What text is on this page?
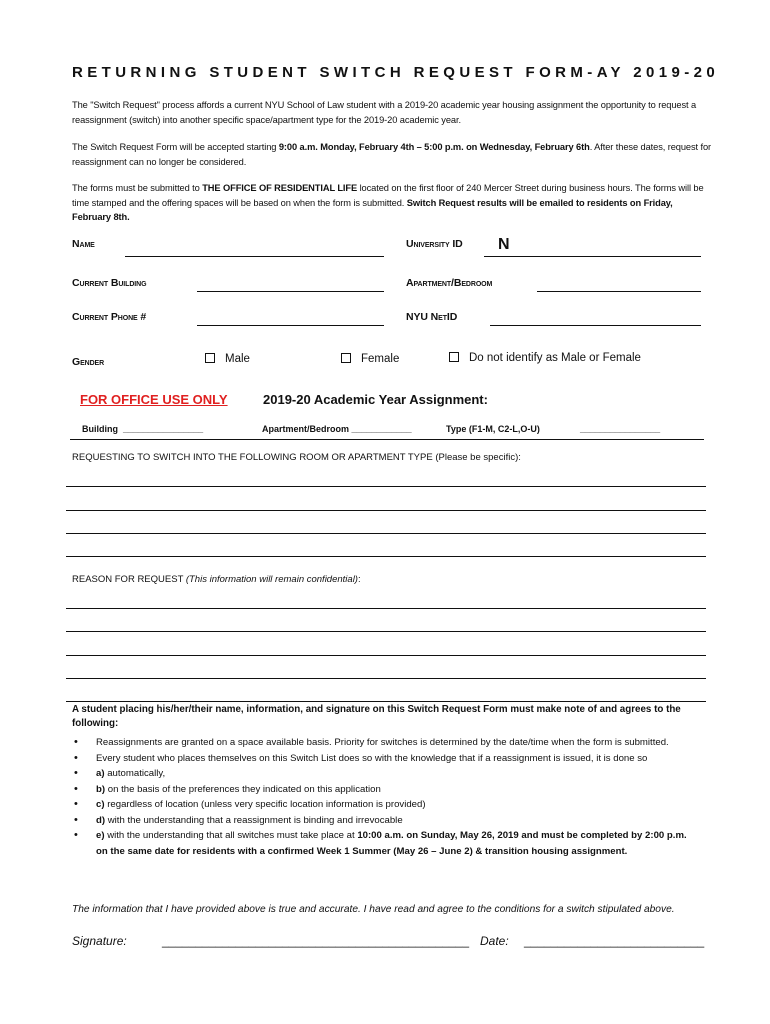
RETURNING STUDENT SWITCH REQUEST FORM-AY 2019-20
The "Switch Request" process affords a current NYU School of Law student with a 2019-20 academic year housing assignment the opportunity to request a reassignment (switch) into another specific space/apartment type for the 2019-20 academic year.
The Switch Request Form will be accepted starting 9:00 a.m. Monday, February 4th – 5:00 p.m. on Wednesday, February 6th. After these dates, request for reassignment can no longer be considered.
The forms must be submitted to THE OFFICE OF RESIDENTIAL LIFE located on the first floor of 240 Mercer Street during business hours. The forms will be time stamped and the offering spaces will be based on when the form is submitted. Switch Request results will be emailed to residents on Friday, February 8th.
Name	University ID N
Current Building	Apartment/Bedroom
Current Phone #	NYU NetID
Gender	Male	Female	Do not identify as Male or Female
FOR OFFICE USE ONLY	2019-20 Academic Year Assignment:
Building ________________	Apartment/Bedroom ____________	Type (F1-M, C2-L,O-U)	________________
REQUESTING TO SWITCH INTO THE FOLLOWING ROOM OR APARTMENT TYPE (Please be specific):
REASON FOR REQUEST (This information will remain confidential):
A student placing his/her/their name, information, and signature on this Switch Request Form must make note of and agrees to the following:
• Reassignments are granted on a space available basis. Priority for switches is determined by the date/time when the form is submitted.
• Every student who places themselves on this Switch List does so with the knowledge that if a reassignment is issued, it is done so
• a) automatically,
• b) on the basis of the preferences they indicated on this application
• c) regardless of location (unless very specific location information is provided)
• d) with the understanding that a reassignment is binding and irrevocable
• e) with the understanding that all switches must take place at 10:00 a.m. on Sunday, May 26, 2019 and must be completed by 2:00 p.m. on the same date for residents with a confirmed Week 1 Summer (May 26 – June 2) & transition housing assignment.
The information that I have provided above is true and accurate. I have read and agree to the conditions for a switch stipulated above.
Signature:	______________________________________________ Date: ___________________________
